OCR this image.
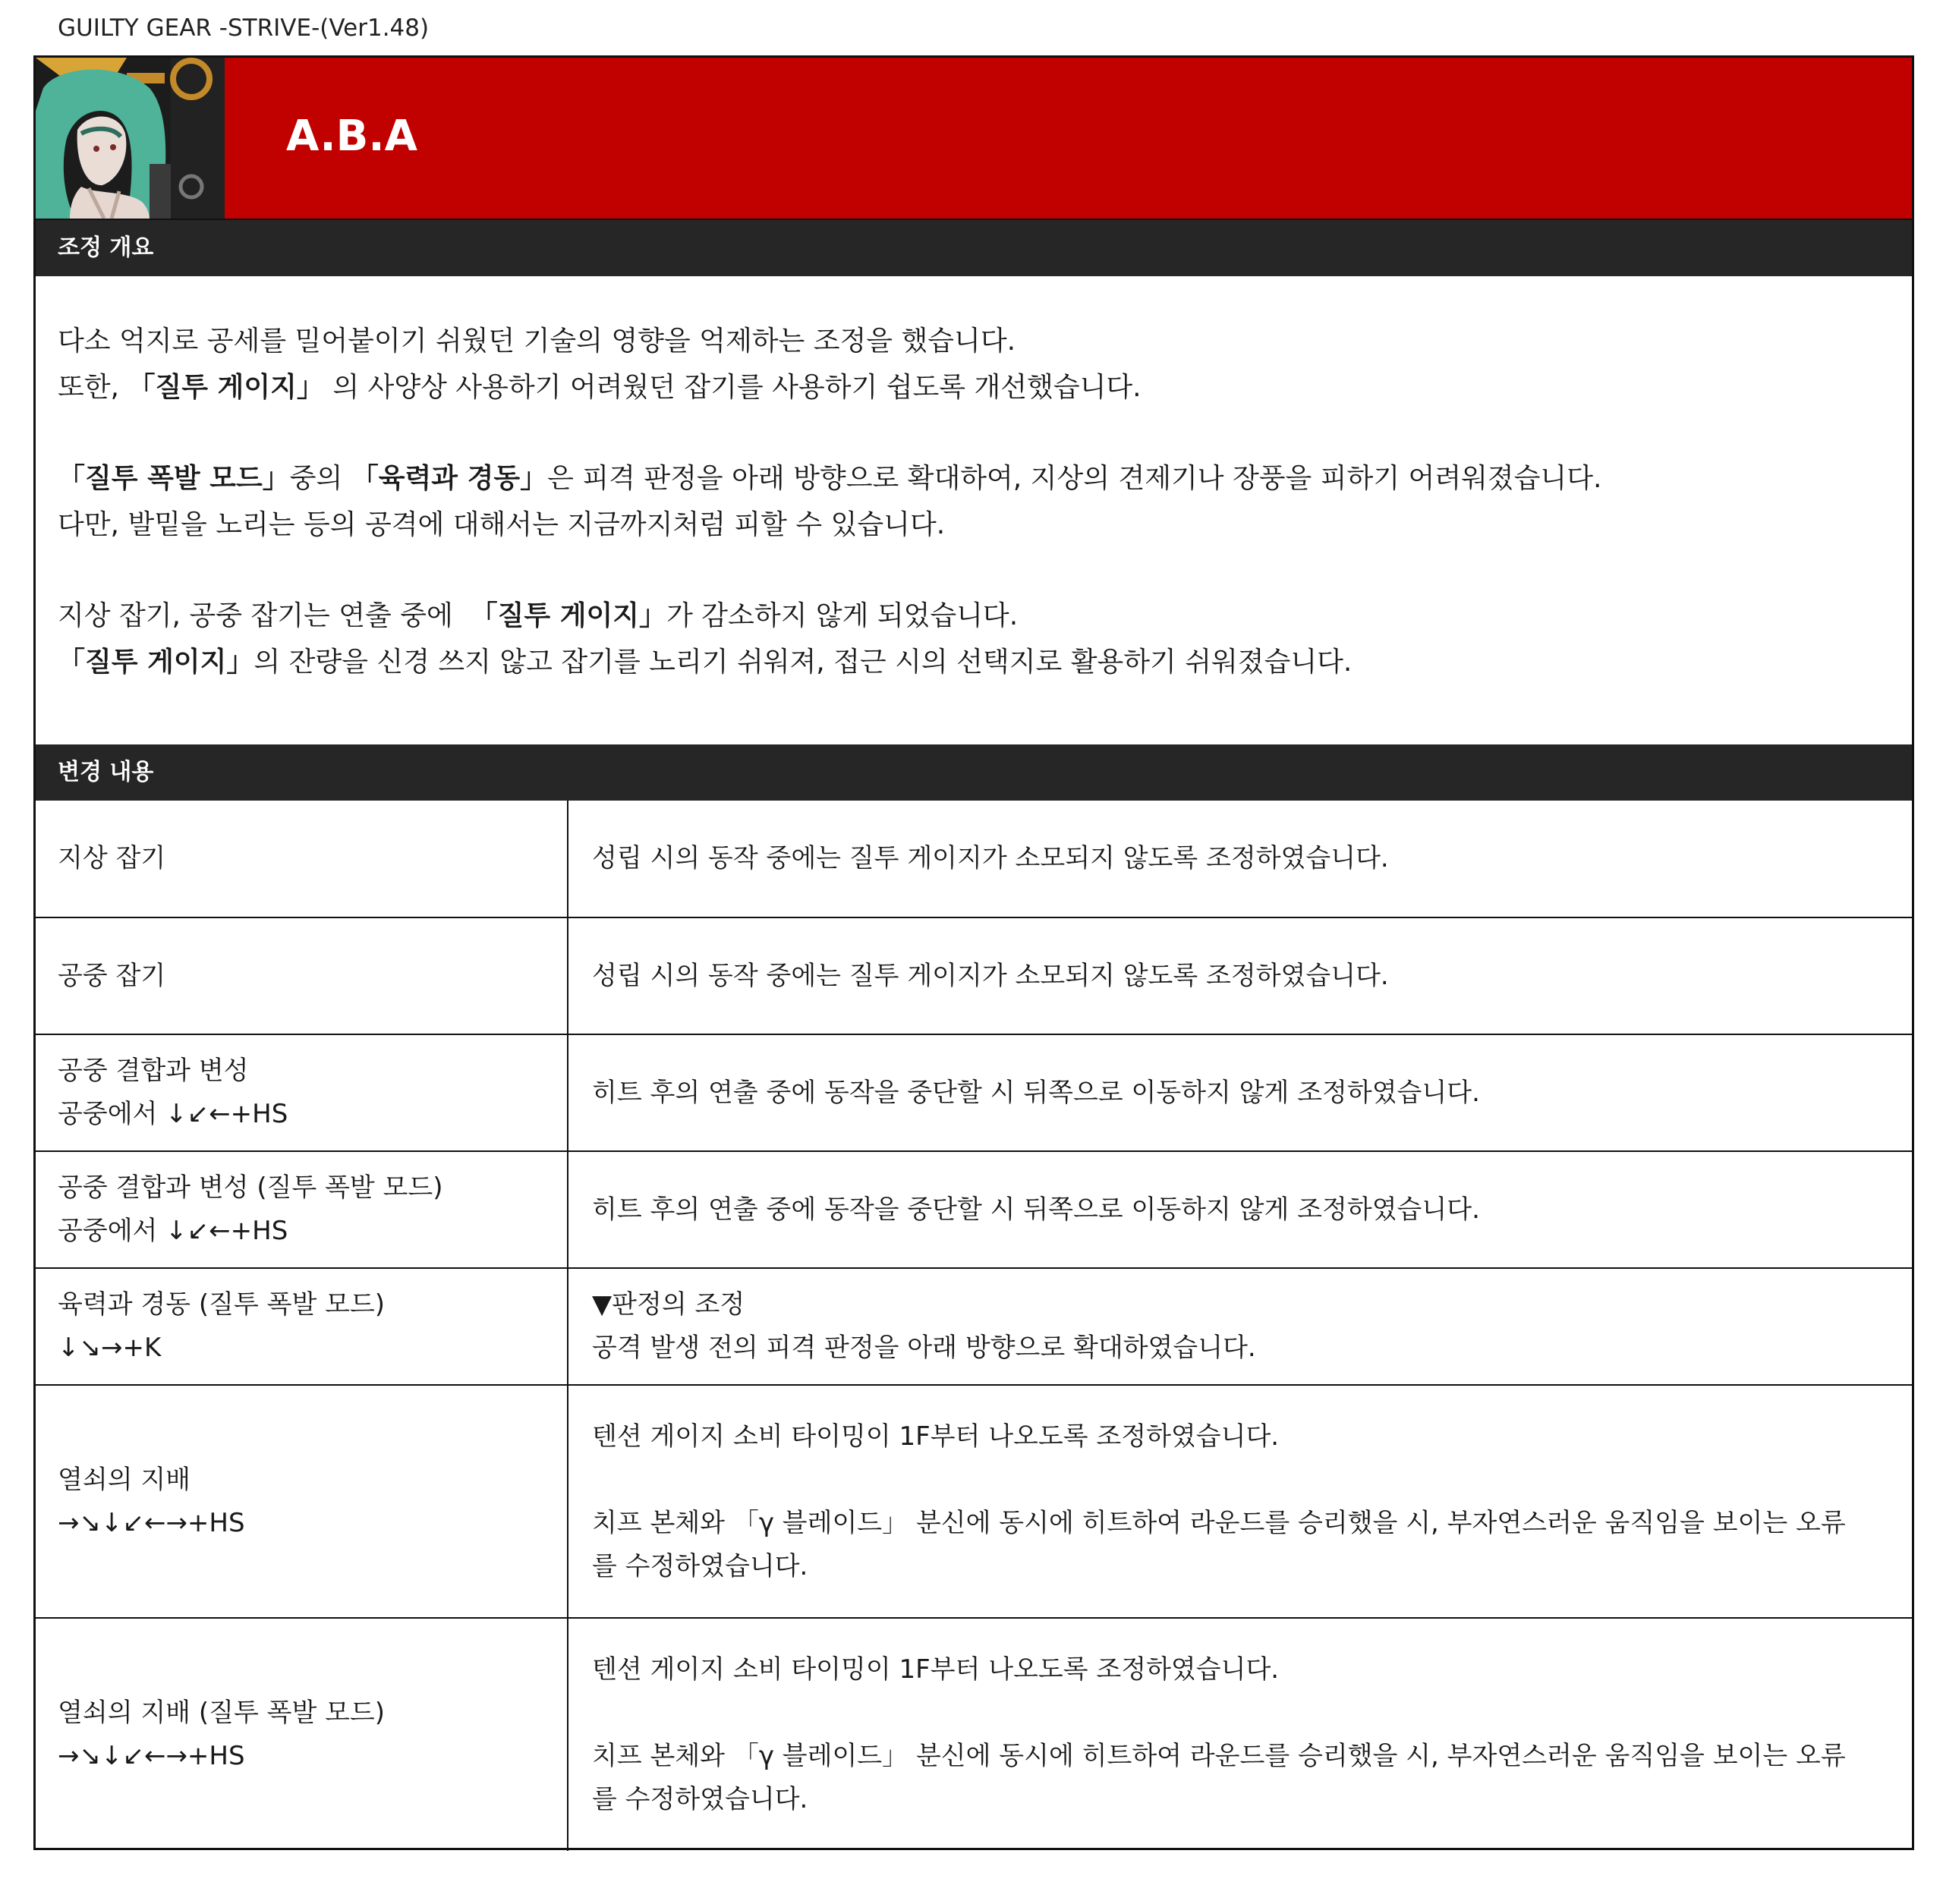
GUILTY GEAR -STRIVE-(Ver1.48)
A.B.A
조정 개요

다소 억지로 공세를 밀어붙이기 쉬웠던 기술의 영향을 억제하는 조정을 했습니다.

또한, 「질투 게이지」 의 사양상 사용하기 어려웠던 잡기를 사용하기 쉽도록 개선했습니다.

「질투 폭발 모드」중의 「육력과 경동」은 피격 판정을 아래 방향으로 확대하여, 지상의 견제기나 장풍을 피하기 어려워졌습니다.

다만, 발밑을 노리는 등의 공격에 대해서는 지금까지처럼 피할 수 있습니다.

지상 잡기, 공중 잡기는 연출 중에  「질투 게이지」가 감소하지 않게 되었습니다.

「질투 게이지」의 잔량을 신경 쓰지 않고 잡기를 노리기 쉬워져, 접근 시의 선택지로 활용하기 쉬워졌습니다.

변경 내용
지상 잡기	성립 시의 동작 중에는 질투 게이지가 소모되지 않도록 조정하였습니다.

공중 잡기	성립 시의 동작 중에는 질투 게이지가 소모되지 않도록 조정하였습니다.

공중 결합과 변성
공중에서 ↓↙←+HS	히트 후의 연출 중에 동작을 중단할 시 뒤쪽으로 이동하지 않게 조정하였습니다.

공중 결합과 변성 (질투 폭발 모드)
공중에서 ↓↙←+HS	히트 후의 연출 중에 동작을 중단할 시 뒤쪽으로 이동하지 않게 조정하였습니다.

육력과 경동 (질투 폭발 모드)
↓↘→+K	▼판정의 조정
공격 발생 전의 피격 판정을 아래 방향으로 확대하였습니다.

열쇠의 지배
→↘↓↙←→+HS	텐션 게이지 소비 타이밍이 1F부터 나오도록 조정하였습니다.
치프 본체와 「γ 블레이드」 분신에 동시에 히트하여 라운드를 승리했을 시, 부자연스러운 움직임을 보이는 오류를 수정하였습니다.

열쇠의 지배 (질투 폭발 모드)
→↘↓↙←→+HS	텐션 게이지 소비 타이밍이 1F부터 나오도록 조정하였습니다.
치프 본체와 「γ 블레이드」 분신에 동시에 히트하여 라운드를 승리했을 시, 부자연스러운 움직임을 보이는 오류를 수정하였습니다.
